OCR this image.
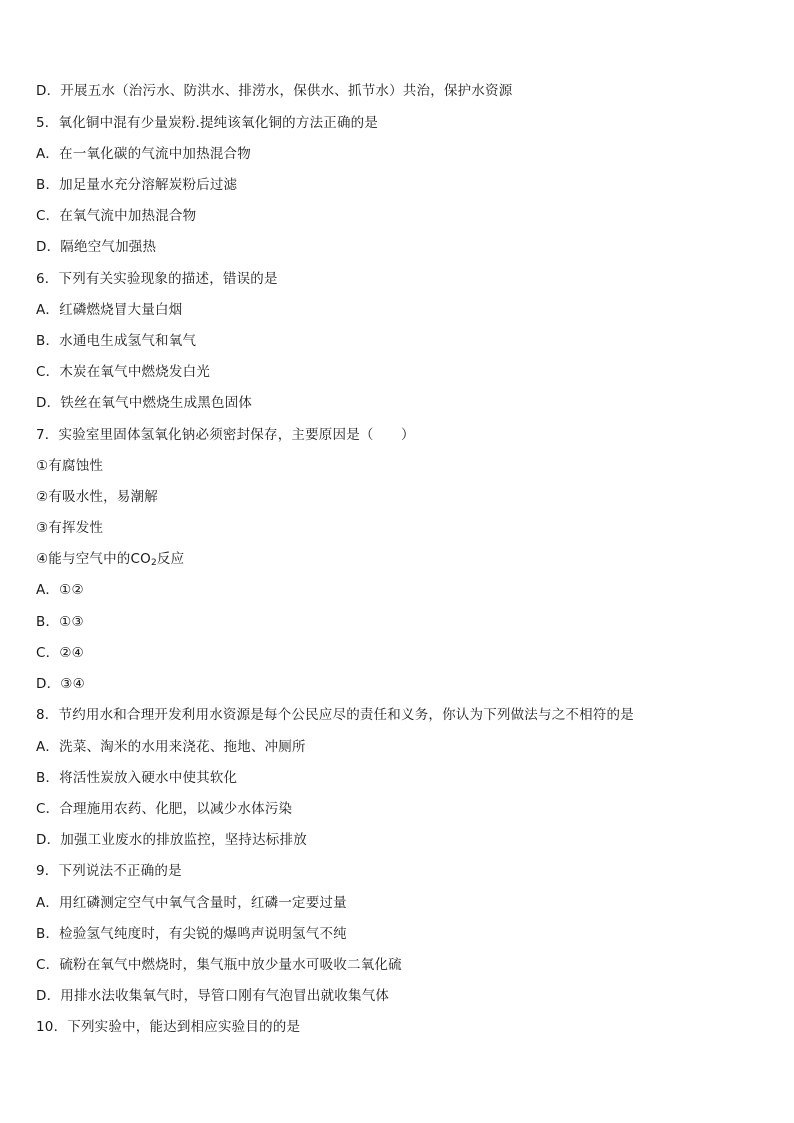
D．开展五水（治污水、防洪水、排涝水，保供水、抓节水）共治，保护水资源
5．氧化铜中混有少量炭粉.提纯该氧化铜的方法正确的是
A．在一氧化碳的气流中加热混合物
B．加足量水充分溶解炭粉后过滤
C．在氧气流中加热混合物
D．隔绝空气加强热
6．下列有关实验现象的描述，错误的是
A．红磷燃烧冒大量白烟
B．水通电生成氢气和氧气
C．木炭在氧气中燃烧发白光
D．铁丝在氧气中燃烧生成黑色固体
7．实验室里固体氢氧化钠必须密封保存，主要原因是（　　）
①有腐蚀性
②有吸水性，易潮解
③有挥发性
④能与空气中的$CO_2$反应
A．①②
B．①③
C．②④
D．③④
8．节约用水和合理开发利用水资源是每个公民应尽的责任和义务，你认为下列做法与之不相符的是
A．洗菜、淘米的水用来浇花、拖地、冲厕所
B．将活性炭放入硬水中使其软化
C．合理施用农药、化肥，以减少水体污染
D．加强工业废水的排放监控，坚持达标排放
9．下列说法不正确的是
A．用红磷测定空气中氧气含量时，红磷一定要过量
B．检验氢气纯度时，有尖锐的爆鸣声说明氢气不纯
C．硫粉在氧气中燃烧时，集气瓶中放少量水可吸收二氧化硫
D．用排水法收集氧气时，导管口刚有气泡冒出就收集气体
10．下列实验中，能达到相应实验目的的是
